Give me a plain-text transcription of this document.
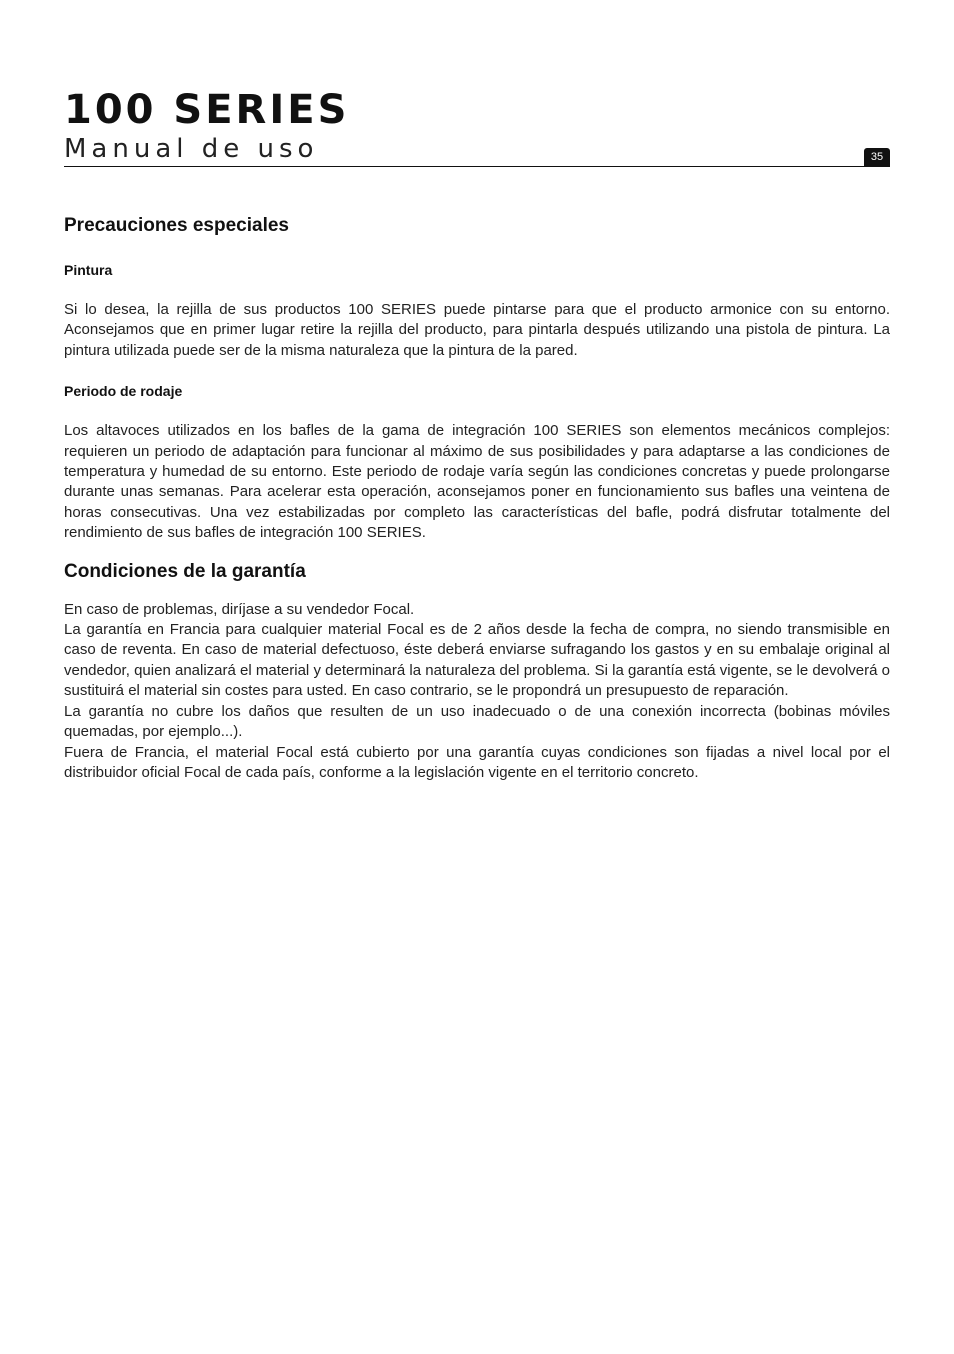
100 SERIES
Manual de uso	35
Precauciones especiales
Pintura

Si lo desea, la rejilla de sus productos 100 SERIES puede pintarse para que el producto armonice con su entorno. Aconsejamos que en primer lugar retire la rejilla del producto, para pintarla después utilizando una pistola de pintura. La pintura utilizada puede ser de la misma naturaleza que la pintura de la pared.

Periodo de rodaje

Los altavoces utilizados en los bafles de la gama de integración 100 SERIES son elementos mecánicos complejos: requieren un periodo de adaptación para funcionar al máximo de sus posibilidades y para adaptarse a las condiciones de temperatura y humedad de su entorno. Este periodo de rodaje varía según las condiciones concretas y puede prolongarse durante unas semanas. Para acelerar esta operación, aconsejamos poner en funcionamiento sus bafles una veintena de horas consecutivas. Una vez estabilizadas por completo las características del bafle, podrá disfrutar totalmente del rendimiento de sus bafles de integración 100 SERIES.

Condiciones de la garantía

En caso de problemas, diríjase a su vendedor Focal.

La garantía en Francia para cualquier material Focal es de 2 años desde la fecha de compra, no siendo transmisible en caso de reventa. En caso de material defectuoso, éste deberá enviarse sufragando los gastos y en su embalaje original al vendedor, quien analizará el material y determinará la naturaleza del problema. Si la garantía está vigente, se le devolverá o sustituirá el material sin costes para usted. En caso contrario, se le propondrá un presupuesto de reparación.

La garantía no cubre los daños que resulten de un uso inadecuado o de una conexión incorrecta (bobinas móviles quemadas, por ejemplo...).

Fuera de Francia, el material Focal está cubierto por una garantía cuyas condiciones son fijadas a nivel local por el distribuidor oficial Focal de cada país, conforme a la legislación vigente en el territorio concreto.
